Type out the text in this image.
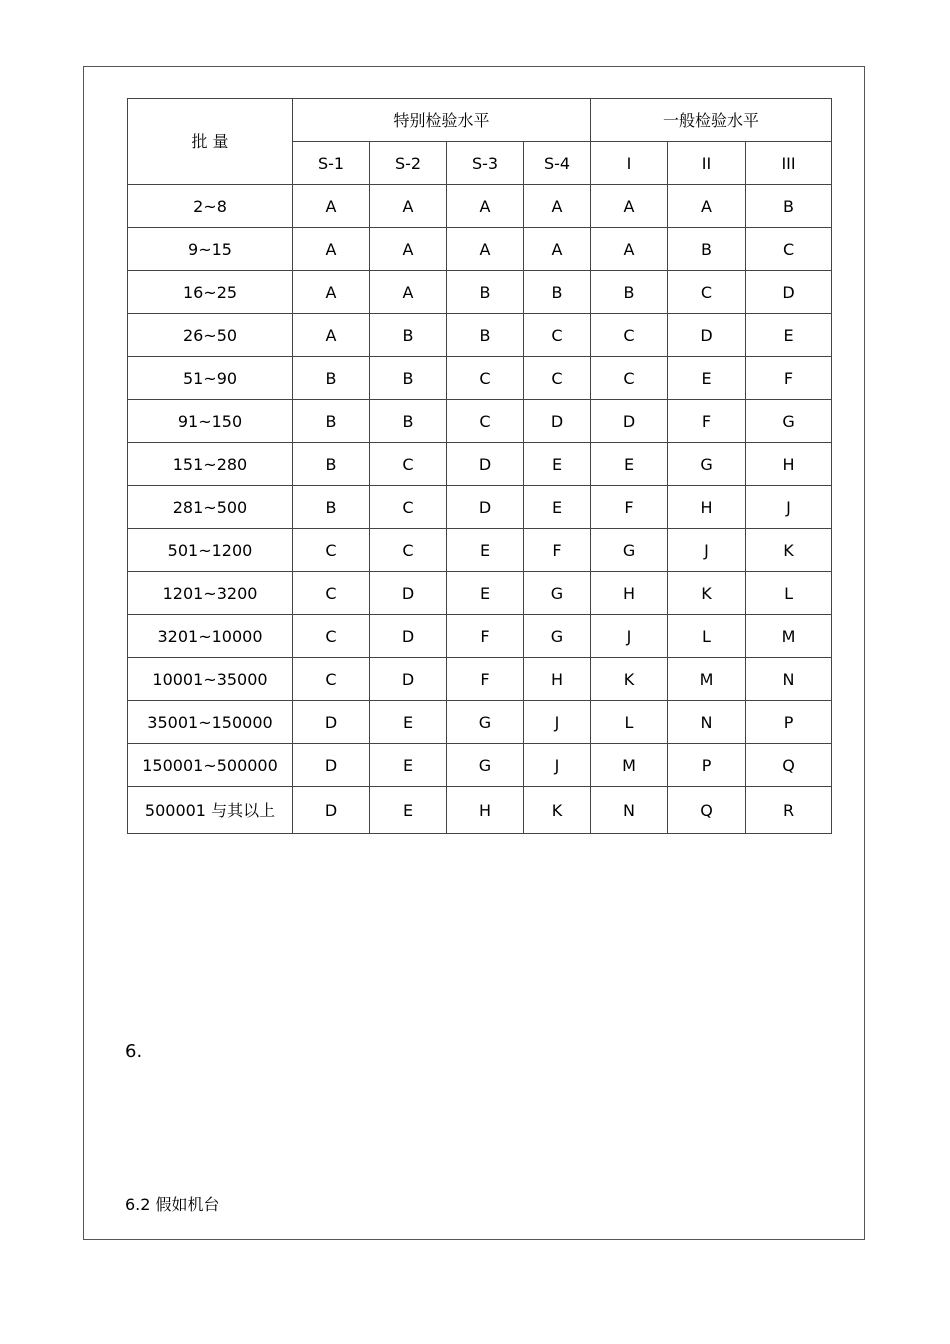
批 量	特别检验水平				一般检验水平		
	S-1	S-2	S-3	S-4	I	II	III
2~8	A	A	A	A	A	A	B
9~15	A	A	A	A	A	B	C
16~25	A	A	B	B	B	C	D
26~50	A	B	B	C	C	D	E
51~90	B	B	C	C	C	E	F
91~150	B	B	C	D	D	F	G
151~280	B	C	D	E	E	G	H
281~500	B	C	D	E	F	H	J
501~1200	C	C	E	F	G	J	K
1201~3200	C	D	E	G	H	K	L
3201~10000	C	D	F	G	J	L	M
10001~35000	C	D	F	H	K	M	N
35001~150000	D	E	G	J	L	N	P
150001~500000	D	E	G	J	M	P	Q
500001 与其以上	D	E	H	K	N	Q	R
6.
6.2 假如机台
